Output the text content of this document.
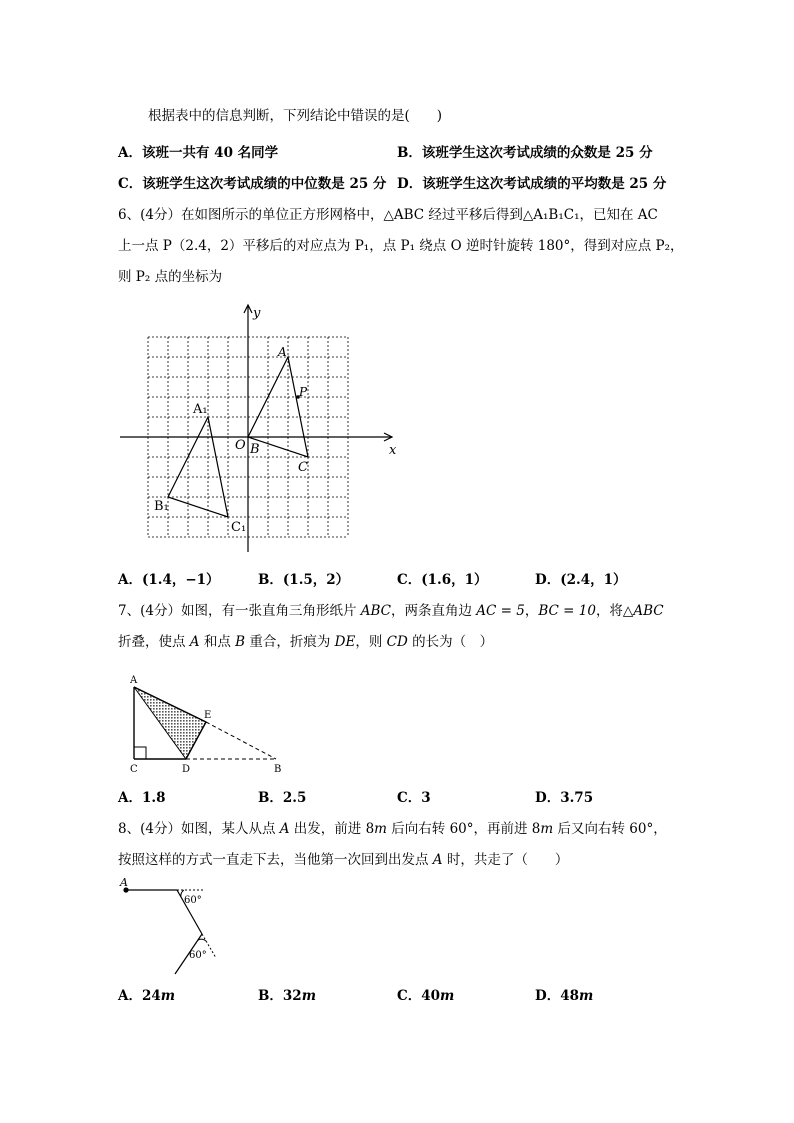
根据表中的信息判断，下列结论中错误的是(　　)
A．该班一共有 40 名同学	B．该班学生这次考试成绩的众数是 25 分
C．该班学生这次考试成绩的中位数是 25 分 D．该班学生这次考试成绩的平均数是 25 分
6、(4分）在如图所示的单位正方形网格中，△ABC 经过平移后得到△A₁B₁C₁，已知在 AC
上一点 P（2.4，2）平移后的对应点为 P₁，点 P₁ 绕点 O 逆时针旋转 180°，得到对应点 P₂，
则 P₂ 点的坐标为
y
x
O B
A
P
C
A₁
B₁
C₁
A．(1.4，−1）	B．(1.5，2）	C．(1.6，1）	D．(2.4，1）
7、(4分）如图，有一张直角三角形纸片 ABC，两条直角边 AC = 5，BC = 10，将△ABC
折叠，使点 A 和点 B 重合，折痕为 DE，则 CD 的长为（　）
A
E
C	D	B
A．1.8	B．2.5	C．3	D．3.75
8、(4分）如图，某人从点 A 出发，前进 8m 后向右转 60°，再前进 8m 后又向右转 60°，
按照这样的方式一直走下去，当他第一次回到出发点 A 时，共走了（　　）
A
60°
60°
A．24m	B．32m	C．40m	D．48m
